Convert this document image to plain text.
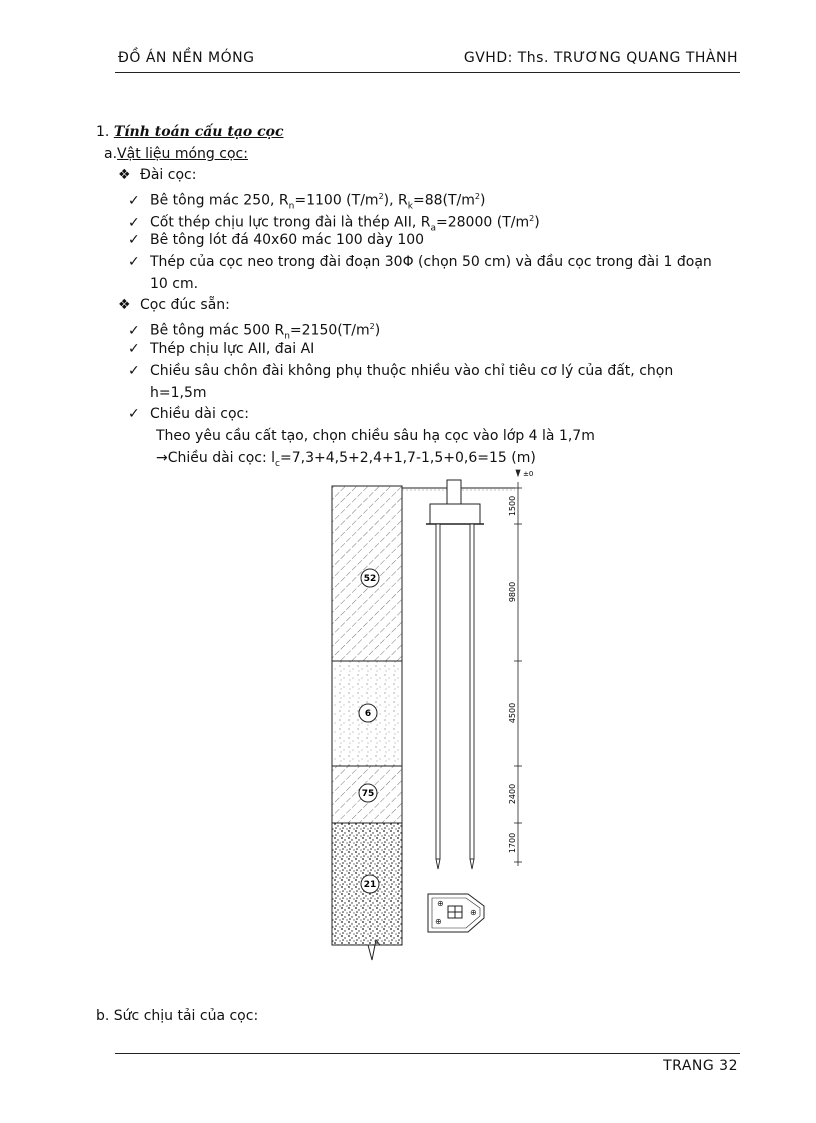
ĐỒ ÁN NỀN MÓNG	GVHD: Ths. TRƯƠNG QUANG THÀNH
1. Tính toán cấu tạo cọc
a.Vật liệu móng cọc:
❖ Đài cọc:
✓ Bê tông mác 250, $R_n=1100$ $(T/m^2)$, $R_k=88(T/m^2)$
✓ Cốt thép chịu lực trong đài là thép AII, $R_a=28000$ $(T/m^2)$
✓ Bê tông lót đá 40x60 mác 100 dày 100
✓ Thép của cọc neo trong đài đoạn 30Φ (chọn 50 cm) và đầu cọc trong đài 1 đoạn
10 cm.
❖ Cọc đúc sẵn:
✓ Bê tông mác 500 $R_n=2150(T/m^2)$
✓ Thép chịu lực AII, đai AI
✓ Chiều sâu chôn đài không phụ thuộc nhiều vào chỉ tiêu cơ lý của đất, chọn
h=1,5m
✓ Chiều dài cọc:
Theo yêu cầu cất tạo, chọn chiều sâu hạ cọc vào lớp 4 là 1,7m
→Chiều dài cọc: $l_c=7,3+4,5+2,4+1,7-1,5+0,6=15$ (m)
±0
1500
9800
4500
2400
1700
52
6
75
21
⊕
⊕
⊕
b. Sức chịu tải của cọc:
TRANG 32
